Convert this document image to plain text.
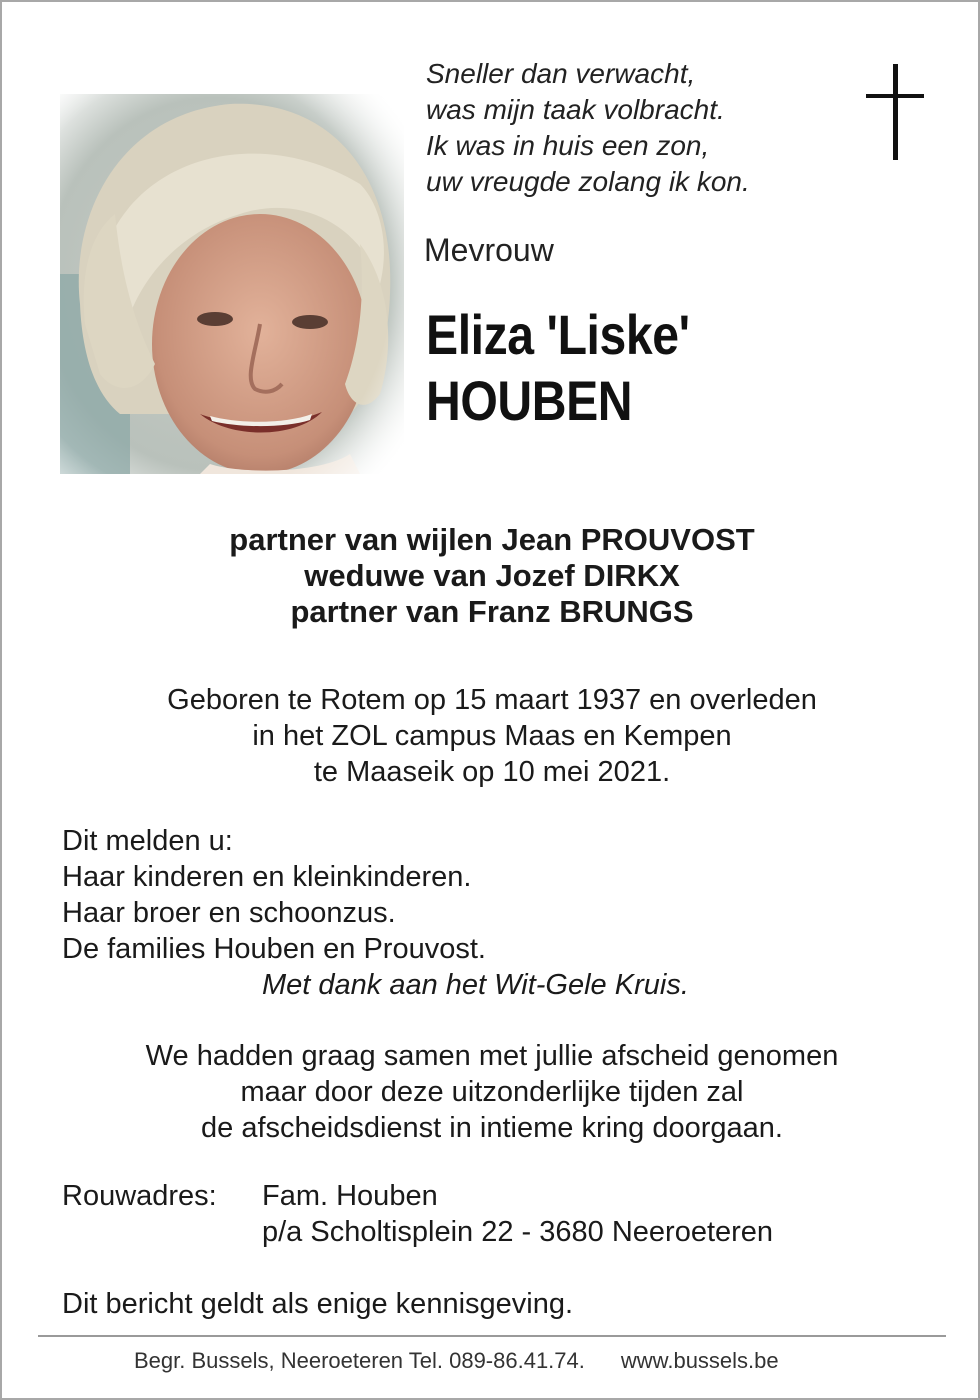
Sneller dan verwacht,
was mijn taak volbracht.
Ik was in huis een zon,
uw vreugde zolang ik kon.
Mevrouw
Eliza 'Liske'
HOUBEN
partner van wijlen Jean PROUVOST
weduwe van Jozef DIRKX
partner van Franz BRUNGS
Geboren te Rotem op 15 maart 1937 en overleden
in het ZOL campus Maas en Kempen
te Maaseik op 10 mei 2021.
Dit melden u:
Haar kinderen en kleinkinderen.
Haar broer en schoonzus.
De families Houben en Prouvost.
Met dank aan het Wit-Gele Kruis.
We hadden graag samen met jullie afscheid genomen
maar door deze uitzonderlijke tijden zal
de afscheidsdienst in intieme kring doorgaan.
Rouwadres: Fam. Houben
p/a Scholtisplein 22 - 3680 Neeroeteren
Dit bericht geldt als enige kennisgeving.
Begr. Bussels, Neeroeteren Tel. 089-86.41.74. www.bussels.be
